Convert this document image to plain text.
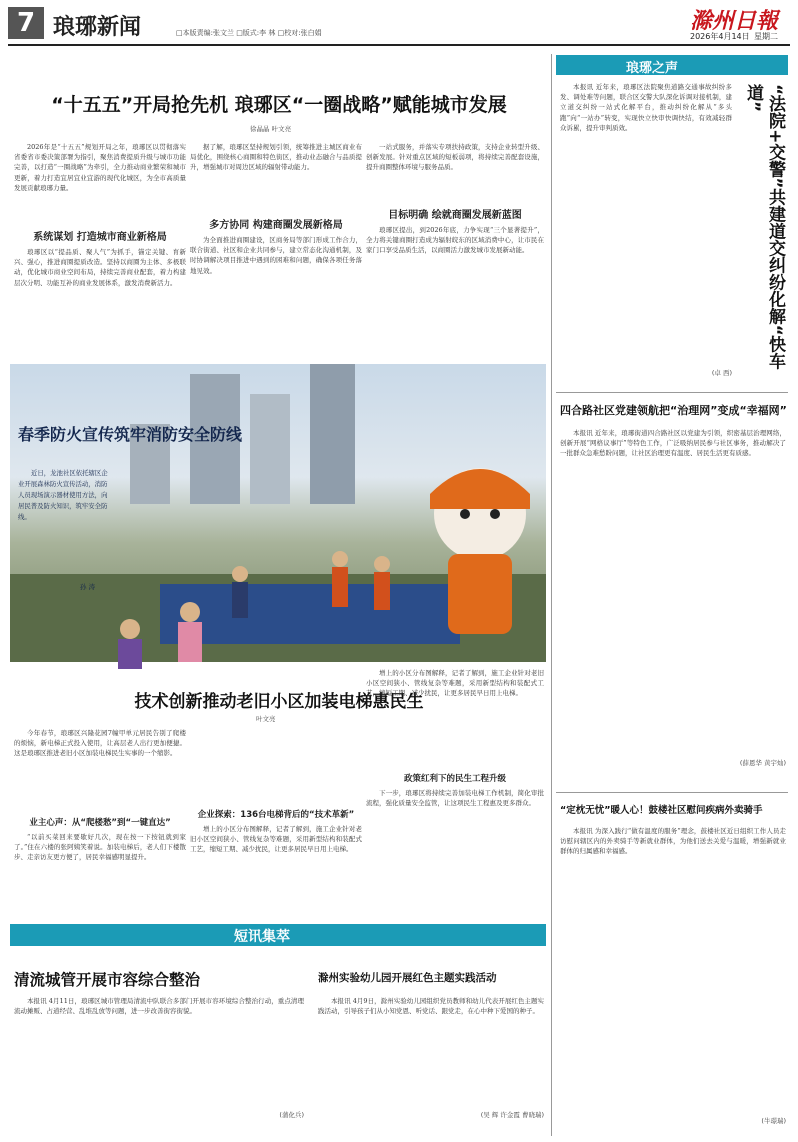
7 琅琊新闻	□本版责编:张文兰 □版式:李 林 □校对:张白娟	滁州日報
2026年4月14日 星期二
“十五五”开局抢先机 琅琊区“一圈战略”赋能城市发展
徐晶晶 叶文亮
2026年是“十五五”规划开局之年，琅琊区以贯彻落实省委省市委决策部署为指引，聚焦消费提质升级与城市功能完善，以打造“一圈战略”为牵引，全力推动商业繁荣和城市更新，着力打造宜居宜业宜游的现代化城区，为全市高质量发展贡献琅琊力量。
系统谋划 打造城市商业新格局
琅琊区以“提品质、聚人气”为抓手，锚定关键、育新兴、强心，推进商圈提质改造。坚持以商圈为主体、多极联动，优化城市商业空间布局，持续完善商业配套，着力构建层次分明、功能互补的商业发展体系，激发消费新活力。
据了解，琅琊区坚持规划引领，统筹推进主城区商业布局优化，围绕核心商圈和特色街区，推动业态融合与品质提升，增强城市对周边区域的辐射带动能力。
多方协同 构建商圈发展新格局
为全面推进商圈建设，区商务局等部门形成工作合力，联合街道、社区和企业共同参与，建立常态化沟通机制，及时协调解决项目推进中遇到的困难和问题，确保各项任务落地见效。
一站式服务，并落实专项扶持政策，支持企业转型升级、创新发展。针对重点区域的短板弱项，将持续完善配套设施，提升商圈整体环境与服务品质。
目标明确 绘就商圈发展新蓝图
琅琊区提出，到2026年底，力争实现“三个显著提升”，全力将关键商圈打造成为辐射皖东的区域消费中心，让市民在家门口享受品质生活，以商圈活力激发城市发展新动能。
春季防火宣传筑牢消防安全防线
近日，龙池社区依托辖区企业开展森林防火宣传活动，消防人员现场演示器材使用方法，向居民普及防火知识，筑牢安全防线。
孙 涛
技术创新推动老旧小区加装电梯惠民生
叶文亮
今年春节，琅琊区兴隆花园7幢甲单元居民告别了爬楼的烦恼，新电梯正式投入使用，让高层老人出行更加便捷。这是琅琊区推进老旧小区加装电梯民生实事的一个缩影。
业主心声：从“爬楼愁”到“一键直达”
“以前买菜回来要歇好几次，现在按一下按钮就到家了。”住在六楼的张阿姨笑着说。加装电梯后，老人们下楼散步、走亲访友更方便了，居民幸福感明显提升。
企业探索：136台电梯背后的“技术革新”
增上的小区分布图解释，记者了解到，施工企业针对老旧小区空间狭小、管线复杂等难题，采用新型结构和装配式工艺，缩短工期、减少扰民，让更多居民早日用上电梯。
增上的小区分布图解释，记者了解到，施工企业针对老旧小区空间狭小、管线复杂等难题，采用新型结构和装配式工艺，缩短工期、减少扰民，让更多居民早日用上电梯。
政策红利下的民生工程升级
下一步，琅琊区将持续完善加装电梯工作机制，简化审批流程，强化质量安全监管，让这项民生工程惠及更多群众。
短讯集萃
清流城管开展市容综合整治
本报讯 4月11日，琅琊区城市管理局清流中队联合多部门开展市容环境综合整治行动，重点清理流动摊贩、占道经营、乱堆乱放等问题，进一步改善街容街貌。
(蒲化兵)
滁州实验幼儿园开展红色主题实践活动
本报讯 4月9日，滁州实验幼儿园组织党员教师和幼儿代表开展红色主题实践活动，引导孩子们从小知党恩、听党话、跟党走，在心中种下爱国的种子。
(吴 辉 许金霞 曹晓瑞)
琅琊之声
本报讯 近年来，琅琊区法院聚焦道路交通事故纠纷多发、调处难等问题，联合区交警大队深化诉调对接机制，建立道交纠纷一站式化解平台，推动纠纷化解从“多头跑”向“一站办”转变，实现快立快审快调快结，有效减轻群众诉累，提升审判质效。
(卓 西)
“法院+交警”共建道交纠纷化解“快车道”
四合路社区党建领航把“治理网”变成“幸福网”
本报讯 近年来，琅琊街道四合路社区以党建为引领，织密基层治理网络，创新开展“网格议事厅”等特色工作，广泛吸纳居民参与社区事务，推动解决了一批群众急难愁盼问题，让社区治理更有温度、居民生活更有质感。
(薛恩华 黄宇灿)
“定枕无忧”暖人心！鼓楼社区慰问疾病外卖骑手
本报讯 为深入践行“做有温度的服务”理念，鼓楼社区近日组织工作人员走访慰问辖区内的外卖骑手等新就业群体，为他们送去关爱与温暖，增强新就业群体的归属感和幸福感。
(牛璟瑞)
